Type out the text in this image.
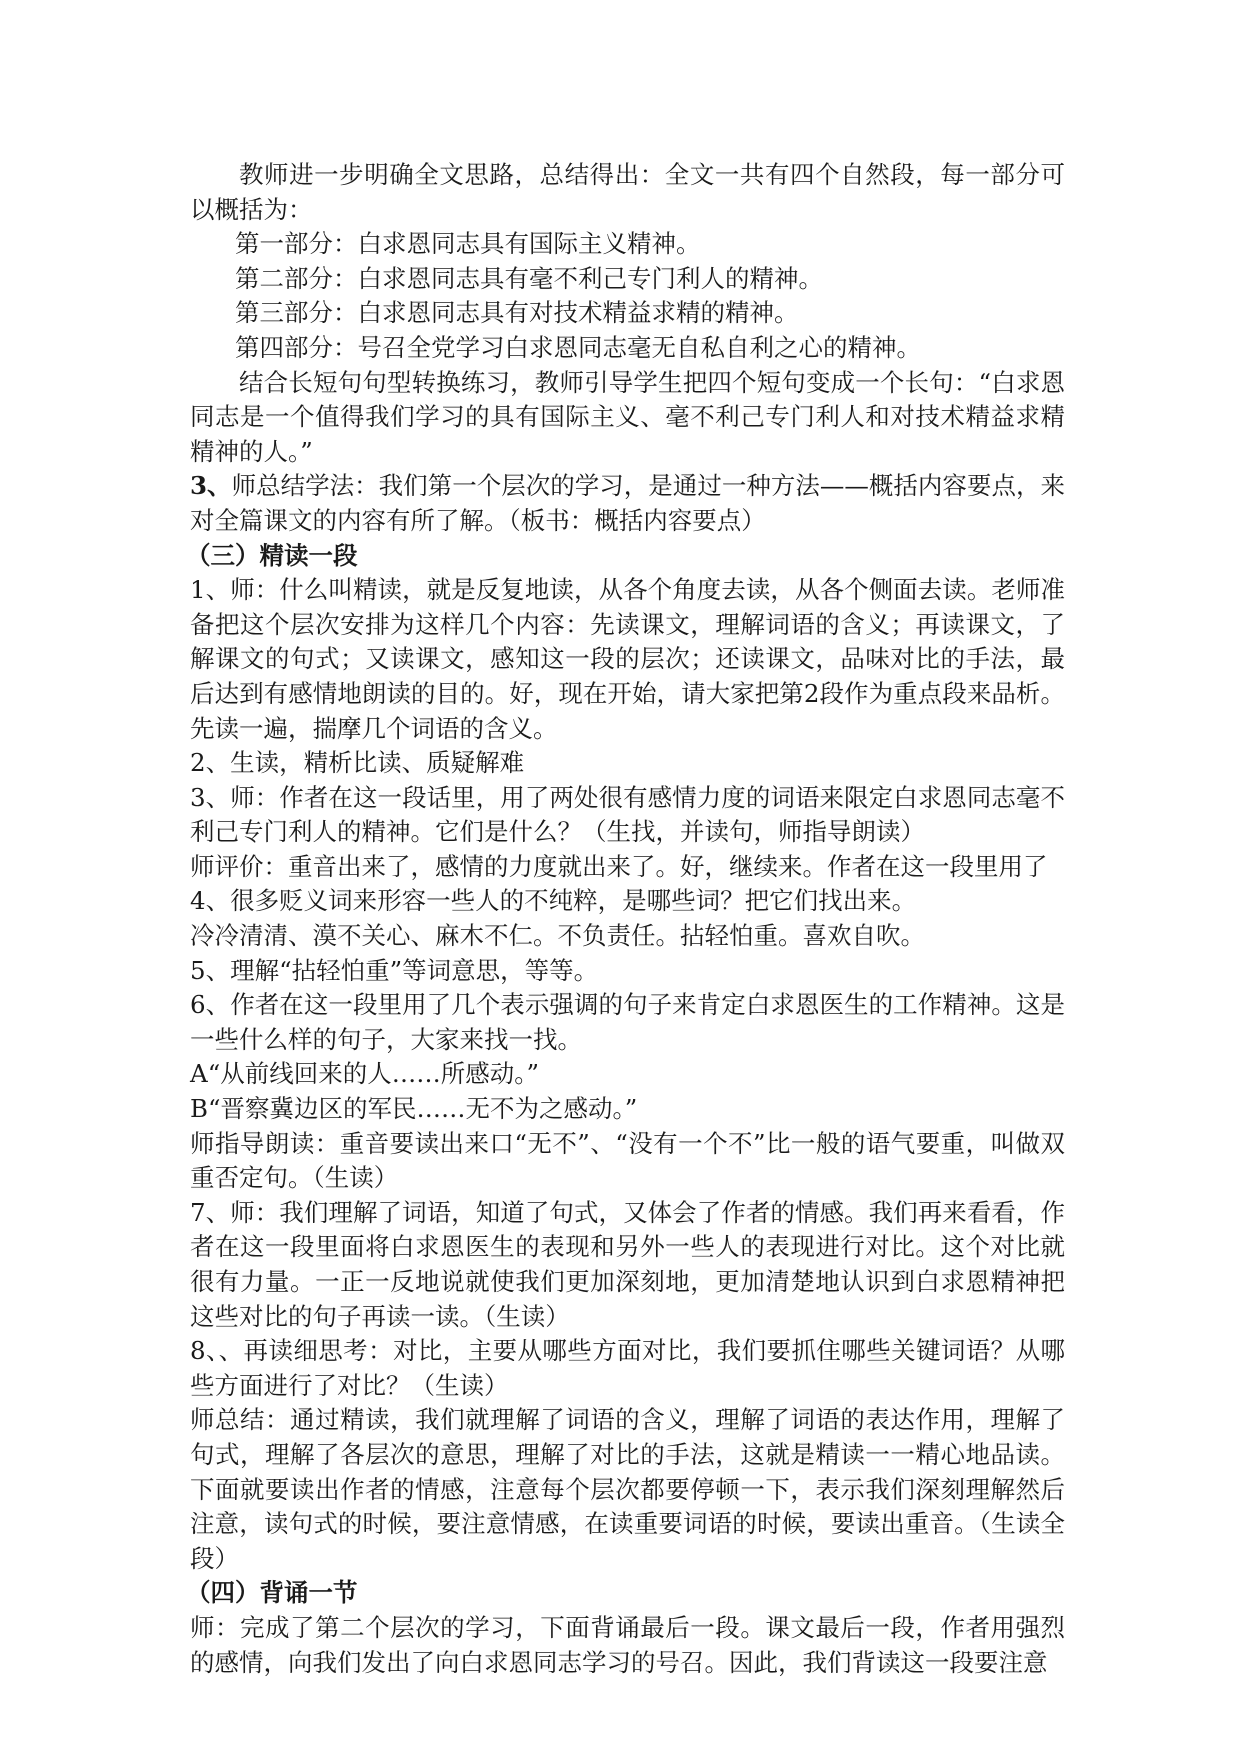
教师进一步明确全文思路，总结得出：全文一共有四个自然段，每一部分可以概括为：

第一部分：白求恩同志具有国际主义精神。

第二部分：白求恩同志具有毫不利己专门利人的精神。

第三部分：白求恩同志具有对技术精益求精的精神。

第四部分：号召全党学习白求恩同志毫无自私自利之心的精神。

结合长短句句型转换练习，教师引导学生把四个短句变成一个长句：“白求恩同志是一个值得我们学习的具有国际主义、毫不利己专门利人和对技术精益求精精神的人。”

3、师总结学法：我们第一个层次的学习，是通过一种方法——概括内容要点，来对全篇课文的内容有所了解。（板书：概括内容要点）

（三）精读一段

1、师：什么叫精读，就是反复地读，从各个角度去读，从各个侧面去读。老师准备把这个层次安排为这样几个内容：先读课文，理解词语的含义；再读课文，了解课文的句式；又读课文，感知这一段的层次；还读课文，品味对比的手法，最后达到有感情地朗读的目的。好，现在开始，请大家把第2段作为重点段来品析。先读一遍，揣摩几个词语的含义。

2、生读，精析比读、质疑解难

3、师：作者在这一段话里，用了两处很有感情力度的词语来限定白求恩同志毫不利己专门利人的精神。它们是什么？（生找，并读句，师指导朗读）

师评价：重音出来了，感情的力度就出来了。好，继续来。作者在这一段里用了

4、很多贬义词来形容一些人的不纯粹，是哪些词？把它们找出来。

冷冷清清、漠不关心、麻木不仁。不负责任。拈轻怕重。喜欢自吹。

5、理解“拈轻怕重”等词意思，等等。

6、作者在这一段里用了几个表示强调的句子来肯定白求恩医生的工作精神。这是一些什么样的句子，大家来找一找。

A“从前线回来的人……所感动。”

B“晋察冀边区的军民……无不为之感动。”

师指导朗读：重音要读出来口“无不”、“没有一个不”比一般的语气要重，叫做双重否定句。（生读）

7、师：我们理解了词语，知道了句式，又体会了作者的情感。我们再来看看，作者在这一段里面将白求恩医生的表现和另外一些人的表现进行对比。这个对比就很有力量。一正一反地说就使我们更加深刻地，更加清楚地认识到白求恩精神把这些对比的句子再读一读。（生读）

8、、再读细思考：对比，主要从哪些方面对比，我们要抓住哪些关键词语？从哪些方面进行了对比？（生读）

师总结：通过精读，我们就理解了词语的含义，理解了词语的表达作用，理解了句式，理解了各层次的意思，理解了对比的手法，这就是精读一一精心地品读。下面就要读出作者的情感，注意每个层次都要停顿一下，表示我们深刻理解然后注意，读句式的时候，要注意情感，在读重要词语的时候，要读出重音。（生读全段）

（四）背诵一节

师：完成了第二个层次的学习，下面背诵最后一段。课文最后一段，作者用强烈的感情，向我们发出了向白求恩同志学习的号召。因此，我们背读这一段要注意
